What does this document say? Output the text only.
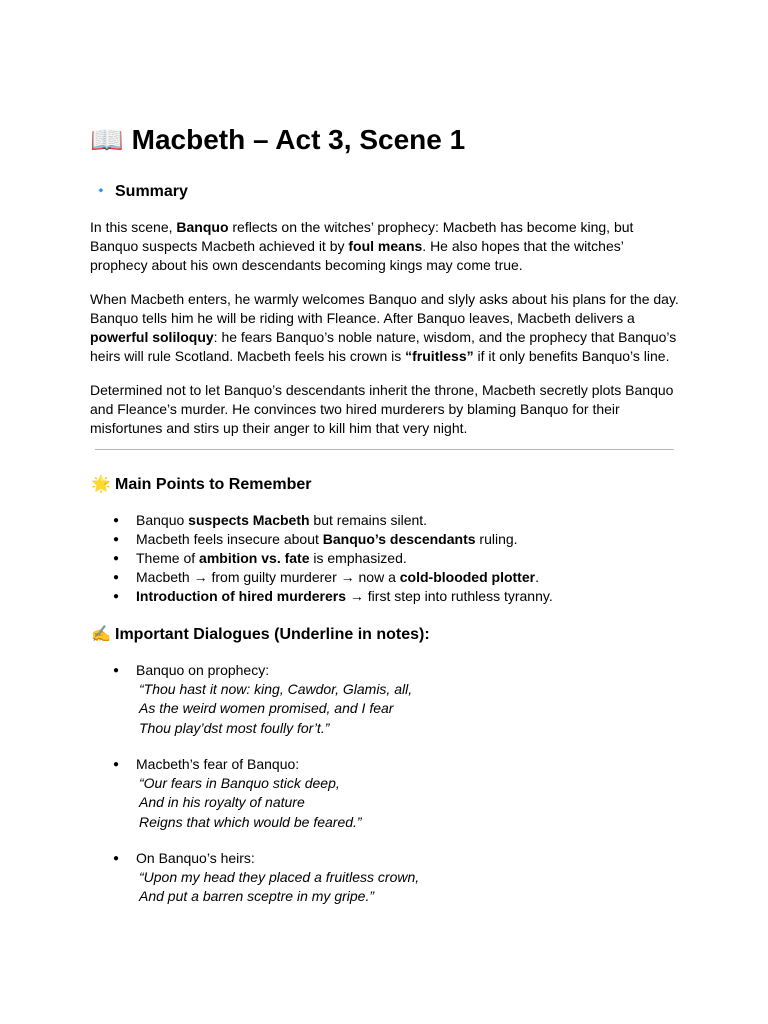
📖 Macbeth – Act 3, Scene 1
🔹 Summary

In this scene, Banquo reflects on the witches’ prophecy: Macbeth has become king, but Banquo suspects Macbeth achieved it by foul means. He also hopes that the witches’ prophecy about his own descendants becoming kings may come true.

When Macbeth enters, he warmly welcomes Banquo and slyly asks about his plans for the day. Banquo tells him he will be riding with Fleance. After Banquo leaves, Macbeth delivers a powerful soliloquy: he fears Banquo’s noble nature, wisdom, and the prophecy that Banquo’s heirs will rule Scotland. Macbeth feels his crown is “fruitless” if it only benefits Banquo’s line.

Determined not to let Banquo’s descendants inherit the throne, Macbeth secretly plots Banquo and Fleance’s murder. He convinces two hired murderers by blaming Banquo for their misfortunes and stirs up their anger to kill him that very night.

🌟 Main Points to Remember
● Banquo suspects Macbeth but remains silent.
● Macbeth feels insecure about Banquo’s descendants ruling.
● Theme of ambition vs. fate is emphasized.
● Macbeth → from guilty murderer → now a cold-blooded plotter.
● Introduction of hired murderers → first step into ruthless tyranny.
✍️ Important Dialogues (Underline in notes):
● Banquo on prophecy:
“Thou hast it now: king, Cawdor, Glamis, all,
As the weird women promised, and I fear
Thou play’dst most foully for’t.”
● Macbeth’s fear of Banquo:
“Our fears in Banquo stick deep,
And in his royalty of nature
Reigns that which would be feared.”
● On Banquo’s heirs:
“Upon my head they placed a fruitless crown,
And put a barren sceptre in my gripe.”
